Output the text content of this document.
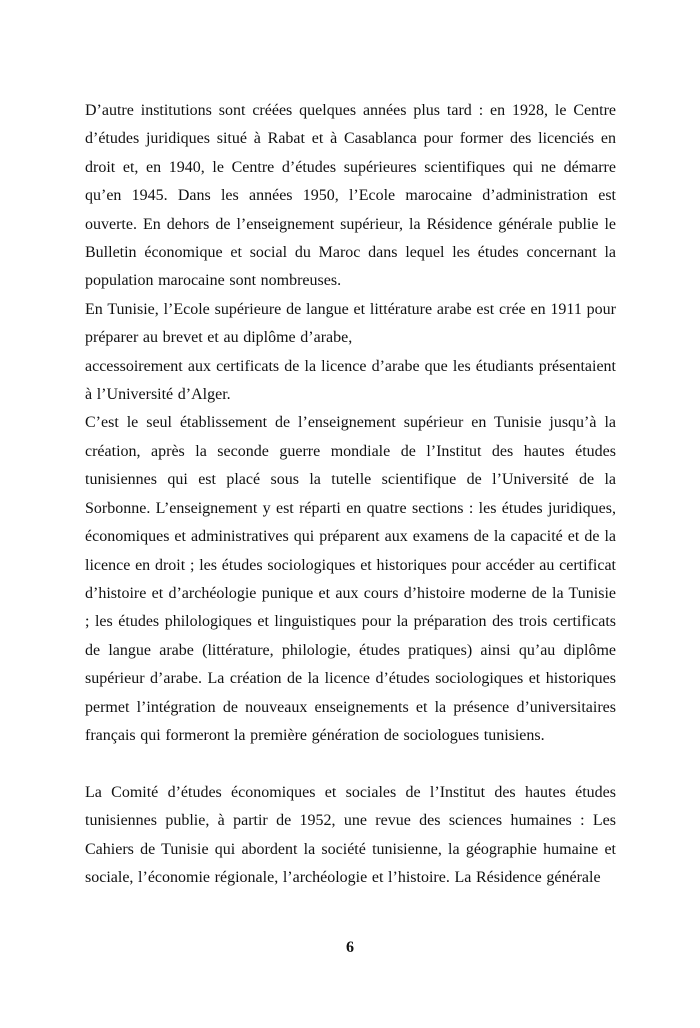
D’autre institutions sont créées quelques années plus tard : en 1928, le Centre d’études juridiques situé à Rabat et à Casablanca pour former des licenciés en droit et, en 1940, le Centre d’études supérieures scientifiques qui ne démarre qu’en 1945. Dans les années 1950, l’Ecole marocaine d’administration est ouverte. En dehors de l’enseignement supérieur, la Résidence générale publie le Bulletin économique et social du Maroc dans lequel les études concernant la population marocaine sont nombreuses.

En Tunisie, l’Ecole supérieure de langue et littérature arabe est crée en 1911 pour préparer au brevet et au diplôme d’arabe,

accessoirement aux certificats de la licence d’arabe que les étudiants présentaient à l’Université d’Alger.

C’est le seul établissement de l’enseignement supérieur en Tunisie jusqu’à la création, après la seconde guerre mondiale de l’Institut des hautes études tunisiennes qui est placé sous la tutelle scientifique de l’Université de la Sorbonne. L’enseignement y est réparti en quatre sections : les études juridiques, économiques et administratives qui préparent aux examens de la capacité et de la licence en droit ; les études sociologiques et historiques pour accéder au certificat d’histoire et d’archéologie punique et aux cours d’histoire moderne de la Tunisie ; les études philologiques et linguistiques pour la préparation des trois certificats de langue arabe (littérature, philologie, études pratiques) ainsi qu’au diplôme supérieur d’arabe. La création de la licence d’études sociologiques et historiques permet l’intégration de nouveaux enseignements et la présence d’universitaires français qui formeront la première génération de sociologues tunisiens.

La Comité d’études économiques et sociales de l’Institut des hautes études tunisiennes publie, à partir de 1952, une revue des sciences humaines : Les Cahiers de Tunisie qui abordent la société tunisienne, la géographie humaine et sociale, l’économie régionale, l’archéologie et l’histoire. La Résidence générale

6
